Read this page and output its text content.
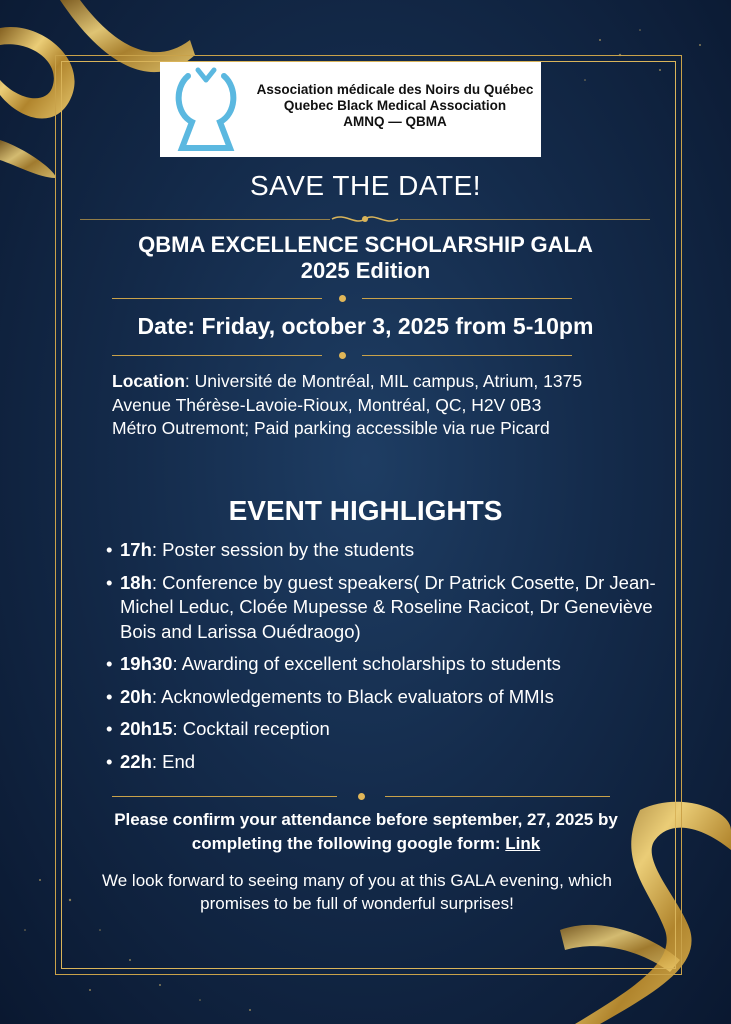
Association médicale des Noirs du Québec
Quebec Black Medical Association
AMNQ — QBMA
SAVE THE DATE!
QBMA EXCELLENCE SCHOLARSHIP GALA
2025 Edition
Date: Friday, october 3, 2025 from 5-10pm
Location: Université de Montréal, MIL campus, Atrium, 1375 Avenue Thérèse-Lavoie-Rioux, Montréal, QC, H2V 0B3
Métro Outremont; Paid parking accessible via rue Picard
EVENT HIGHLIGHTS
• 17h: Poster session by the students
• 18h: Conference by guest speakers( Dr Patrick Cosette, Dr Jean-Michel Leduc, Cloée Mupesse & Roseline Racicot, Dr Geneviève Bois and Larissa Ouédraogo)
• 19h30: Awarding of excellent scholarships to students
• 20h: Acknowledgements to Black evaluators of MMIs
• 20h15: Cocktail reception
• 22h: End
Please confirm your attendance before september, 27, 2025 by completing the following google form: Link
We look forward to seeing many of you at this GALA evening, which promises to be full of wonderful surprises!
